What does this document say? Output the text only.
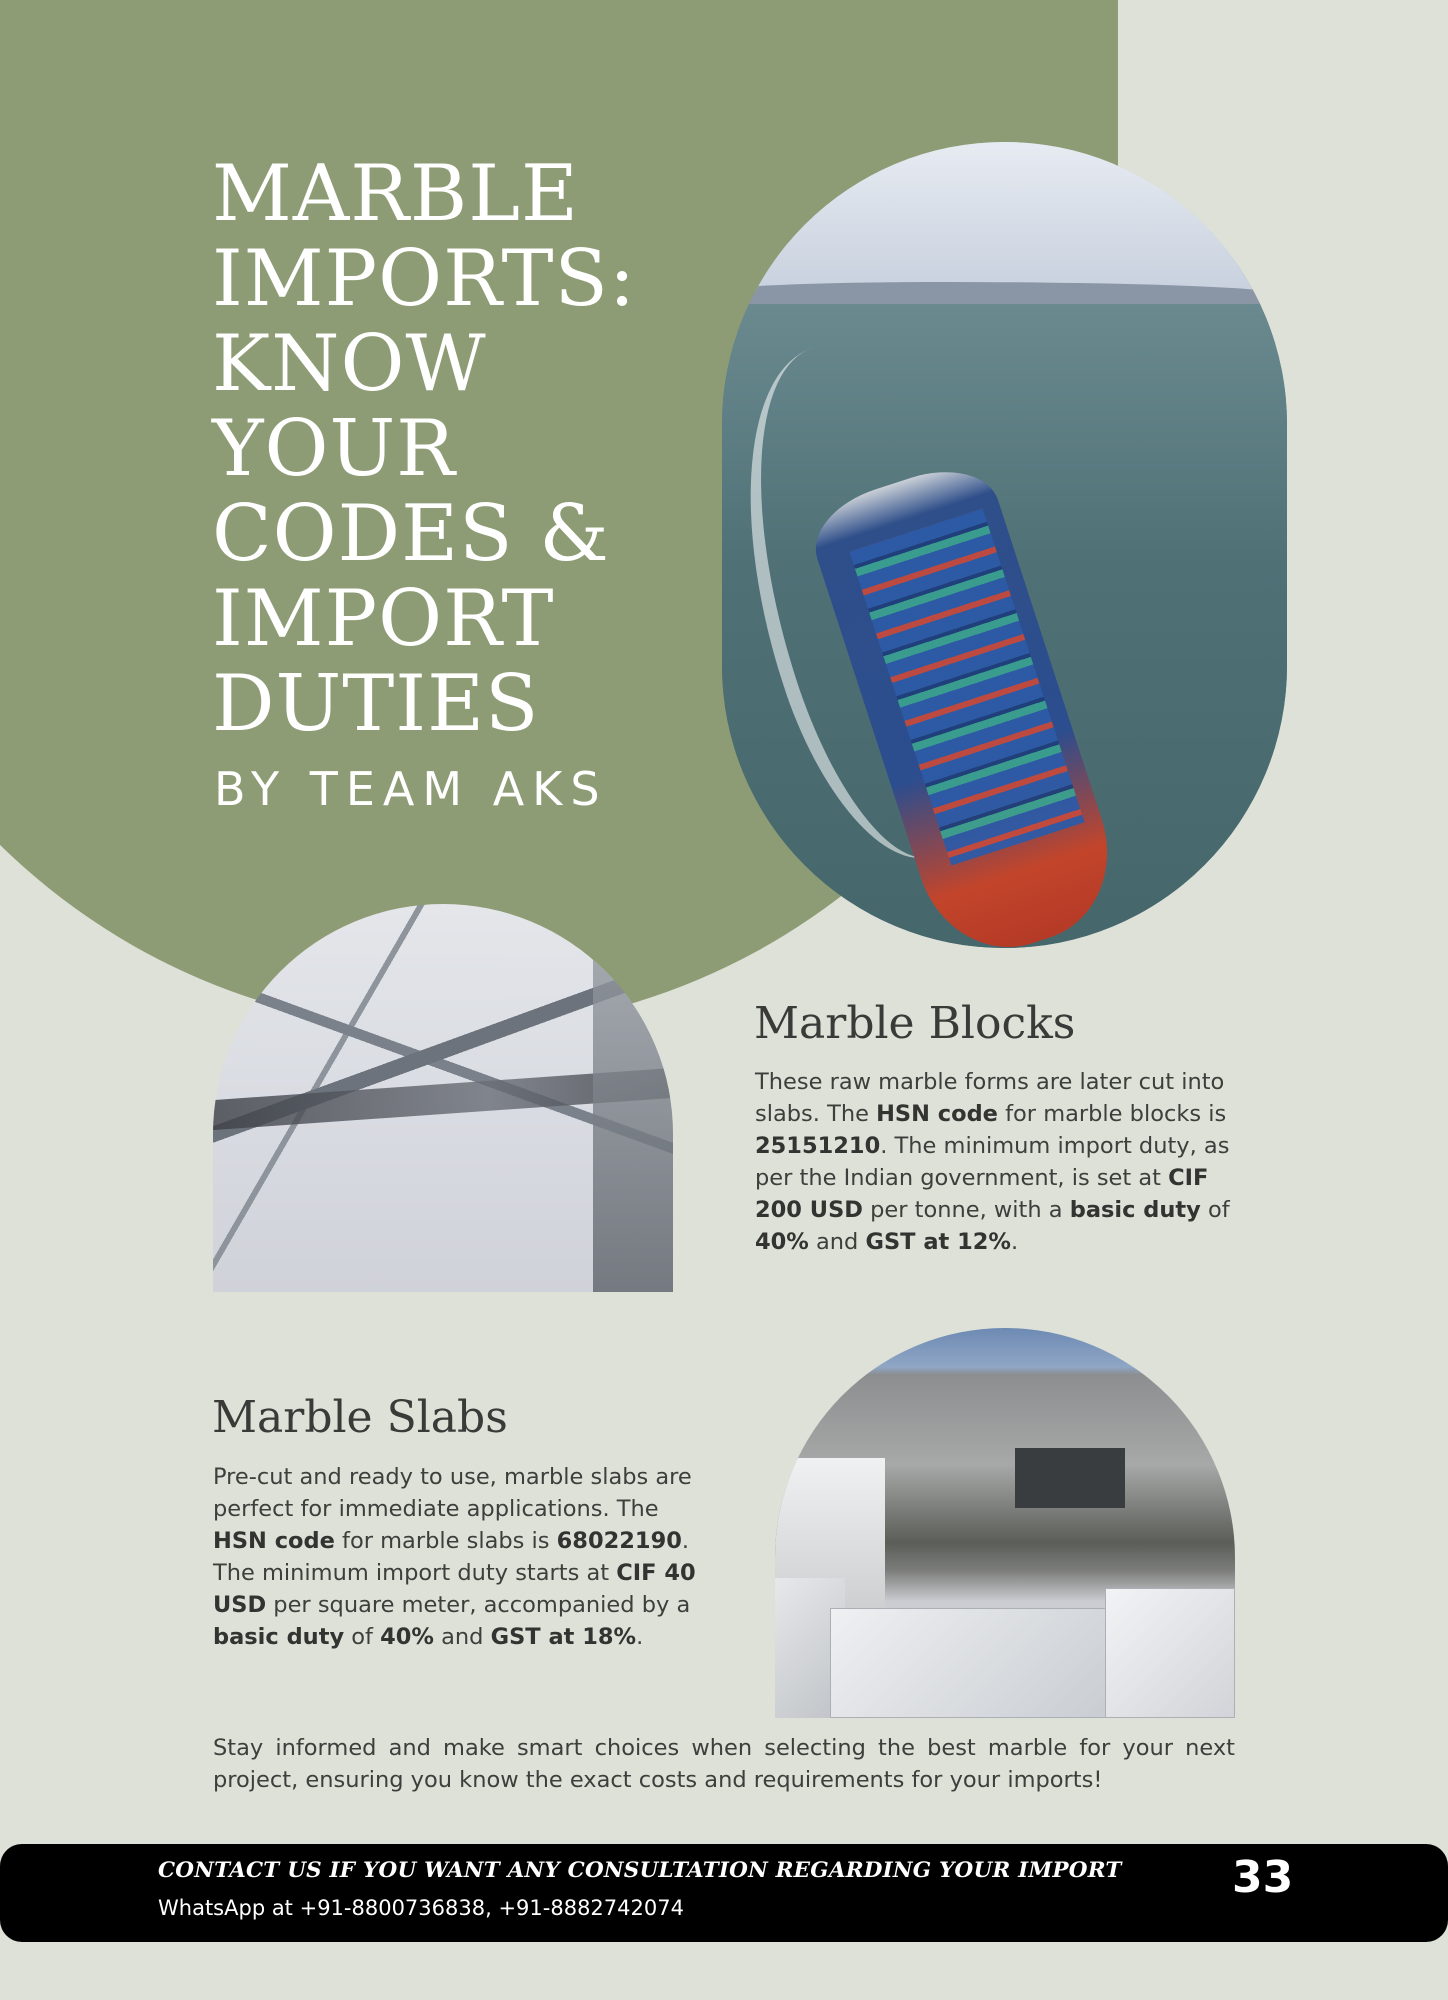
MARBLE
IMPORTS:
KNOW
YOUR
CODES &
IMPORT
DUTIES
BY TEAM AKS
Marble Blocks

These raw marble forms are later cut into slabs. The HSN code for marble blocks is 25151210. The minimum import duty, as per the Indian government, is set at CIF 200 USD per tonne, with a basic duty of 40% and GST at 12%.

Marble Slabs

Pre-cut and ready to use, marble slabs are perfect for immediate applications. The HSN code for marble slabs is 68022190. The minimum import duty starts at CIF 40 USD per square meter, accompanied by a basic duty of 40% and GST at 18%.

Stay informed and make smart choices when selecting the best marble for your next project, ensuring you know the exact costs and requirements for your imports!

CONTACT US IF YOU WANT ANY CONSULTATION REGARDING YOUR IMPORT
WhatsApp at +91-8800736838, +91-8882742074
33
